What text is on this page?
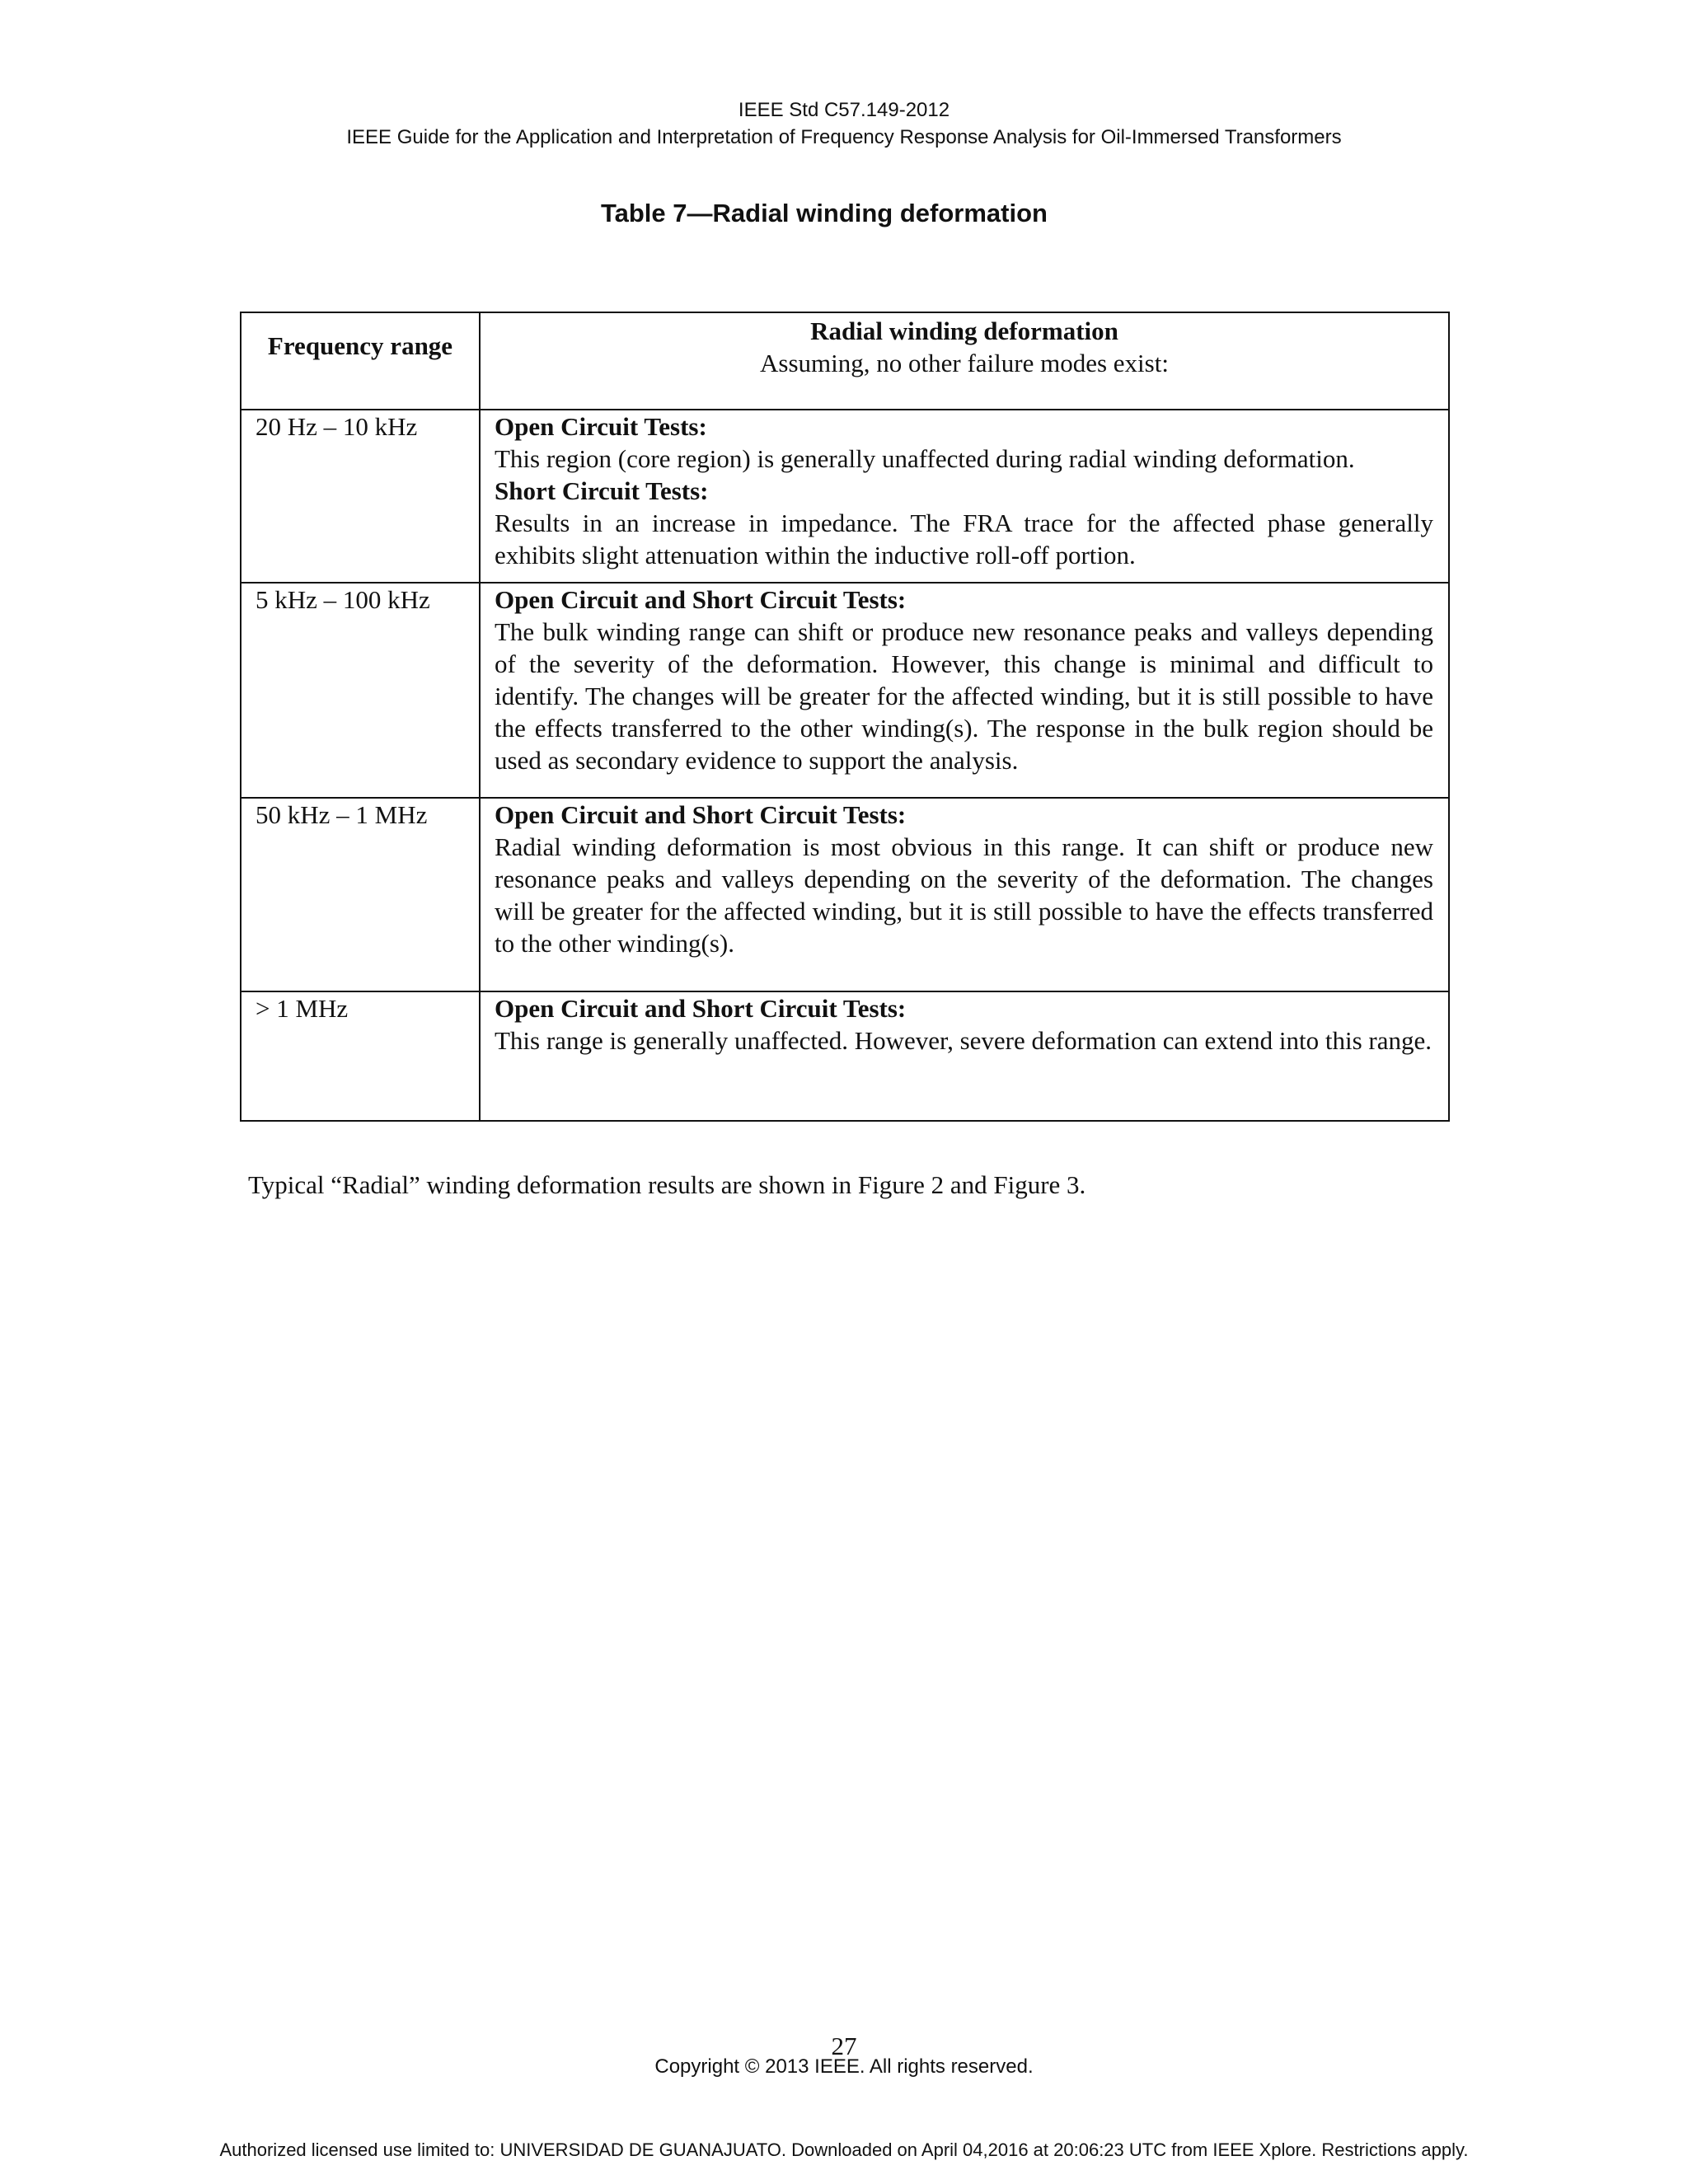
IEEE Std C57.149-2012
IEEE Guide for the Application and Interpretation of Frequency Response Analysis for Oil-Immersed Transformers
Table 7—Radial winding deformation
Frequency range	Radial winding deformation
Assuming, no other failure modes exist:

20 Hz – 10 kHz	Open Circuit Tests:
This region (core region) is generally unaffected during radial winding deformation.
Short Circuit Tests:
Results in an increase in impedance. The FRA trace for the affected phase generally exhibits slight attenuation within the inductive roll-off portion.

5 kHz – 100 kHz	Open Circuit and Short Circuit Tests:
The bulk winding range can shift or produce new resonance peaks and valleys depending of the severity of the deformation. However, this change is minimal and difficult to identify. The changes will be greater for the affected winding, but it is still possible to have the effects transferred to the other winding(s). The response in the bulk region should be used as secondary evidence to support the analysis.

50 kHz – 1 MHz	Open Circuit and Short Circuit Tests:
Radial winding deformation is most obvious in this range. It can shift or produce new resonance peaks and valleys depending on the severity of the deformation. The changes will be greater for the affected winding, but it is still possible to have the effects transferred to the other winding(s).

> 1 MHz	Open Circuit and Short Circuit Tests:
This range is generally unaffected. However, severe deformation can extend into this range.
Typical “Radial” winding deformation results are shown in Figure 2 and Figure 3.
27
Copyright © 2013 IEEE. All rights reserved.
Authorized licensed use limited to: UNIVERSIDAD DE GUANAJUATO. Downloaded on April 04,2016 at 20:06:23 UTC from IEEE Xplore. Restrictions apply.
